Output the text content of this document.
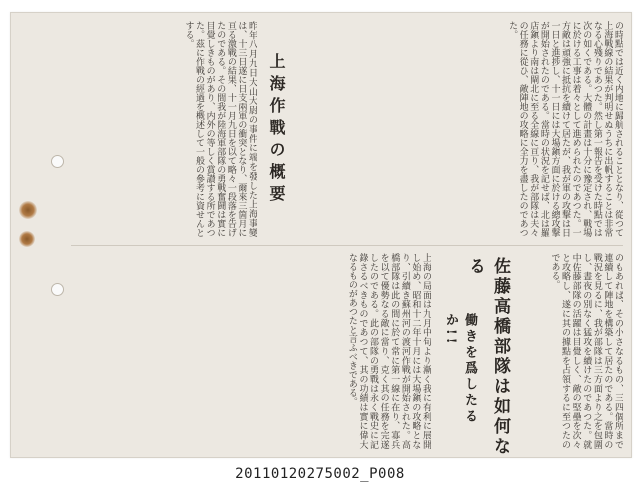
の時點では近く内地に歸航されることとなり、從つて上海戰線の結果が判明せぬうちに出帆することは非常なる心殘りであつた。然し第一報告を受けた時點では次の如くである。大體の計畫は十分に豫定され、戰場に於ける工事は着々として進められたのであつた。一方敵は頑強に抵抗を續けて居たが、我が軍の攻撃は日一日と進捗し、十一日には大場鎭方面に於ける總攻撃が開始されたのである。當時の状況を記せば、北は羅店鎭より南は閘北に至る全線に亘り、我が部隊は夫々の任務に從ひ、敵陣地の攻略に全力を盡したのであつた。
上海作戰の概要
昨年八月九日大山大尉の事件に端を發した上海事變は、十三日遂に日支兩軍の衝突となり、爾來三箇月に亘る激戰の結果、十一月九日を以て略々一段落を告げたのである。その間我が陸海軍部隊の勇戰奮鬪は實に目覺しきものがあり、内外の等しく賞讃する所であつた。茲に作戰の經過を概述して一般の參考に資せんとする。
のもあれば、その小さなるもの、三四個所まで連續して陣地を構築して居たのである。當時の戰況を見るに、我が部隊は三方面より之を包圍し、晝夜の別なく猛攻を續けたのであつた。就中佐藤部隊の活躍は目覺しく、敵の堅壘を次々と攻略し、遂に其の據點を占領するに至つたのである。
佐藤高橋部隊は如何なる
働きを爲したるか!!
上海の局面は九月中旬より漸く我に有利に展開し始め、昭和十二年十月には大場鎭の攻略となり、引續き蘇州河の渡河作戰が開始された。高橋部隊は此の間に於て常に第一線に在り、寡兵を以て優勢なる敵に當り、克く其の任務を完遂したのである。此の部隊の勇戰は永く戰史に記錄さるべきものであつて、其の功績は實に偉大なるものがあつたと言ふべきである。
20110120275002_P008
